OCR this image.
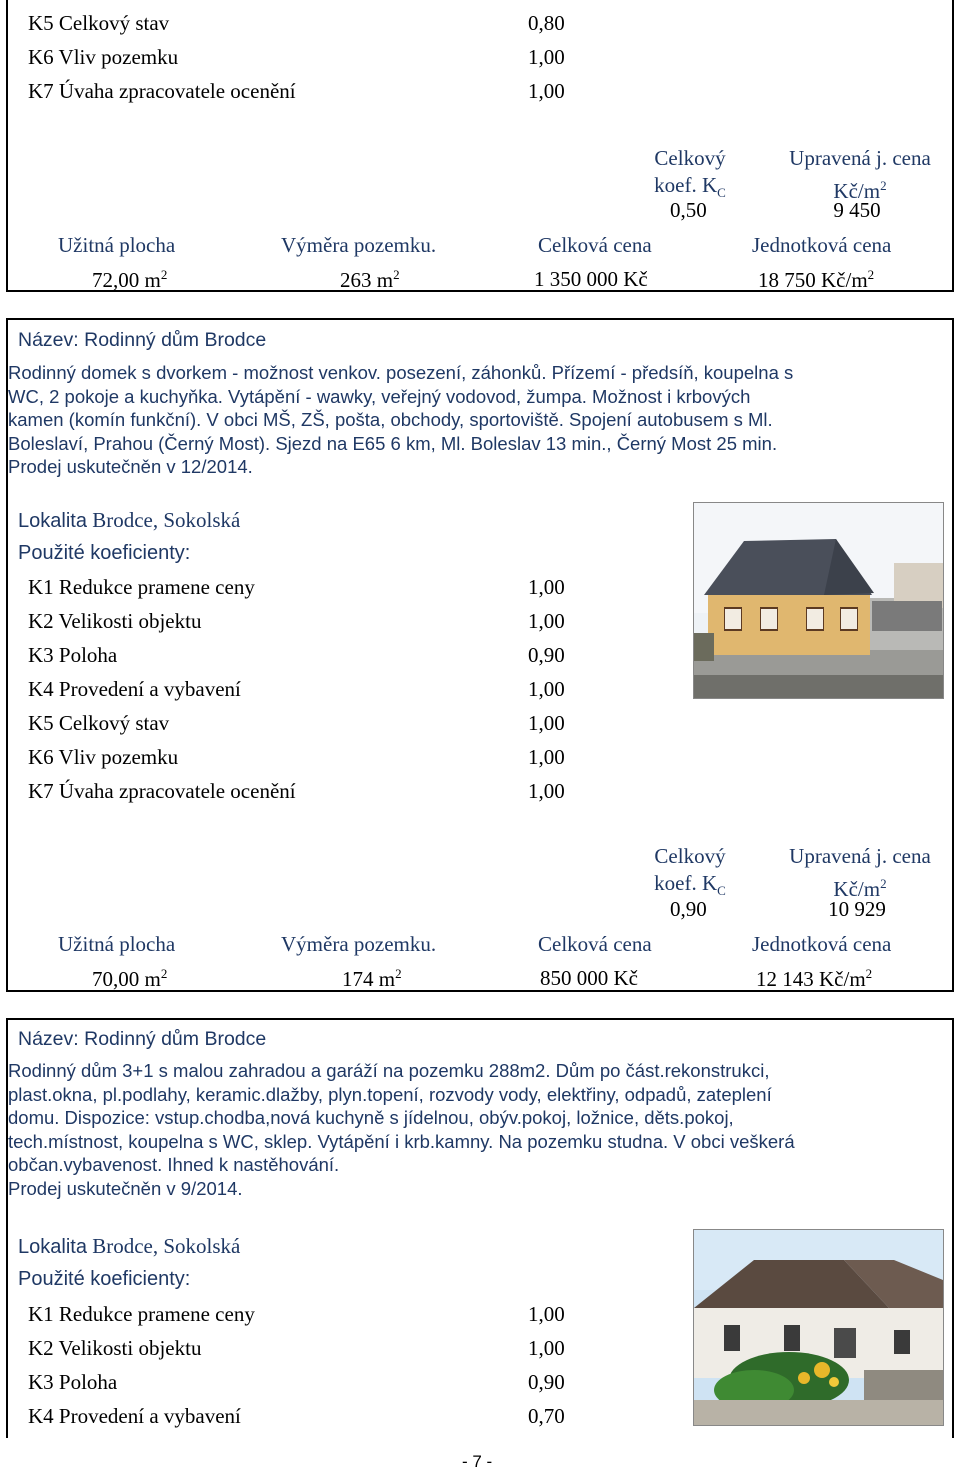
K5 Celkový stav	0,80
K6 Vliv pozemku	1,00
K7 Úvaha zpracovatele ocenění	1,00
Celkový
koef. $K_C$
0,50
Upravená j. cena
$Kč/m^2$
9 450
Užitná plocha	Výměra pozemku.	Celková cena	Jednotková cena
72,00 $m^2$	263 $m^2$	1 350 000 Kč	18 750 $Kč/m^2$
Název: Rodinný dům Brodce
Rodinný domek s dvorkem - možnost venkov. posezení, záhonků. Přízemí - předsíň, koupelna s
WC, 2 pokoje a kuchyňka. Vytápění - wawky, veřejný vodovod, žumpa. Možnost i krbových
kamen (komín funkční). V obci MŠ, ZŠ, pošta, obchody, sportoviště. Spojení autobusem s Ml.
Boleslaví, Prahou (Černý Most). Sjezd na E65 6 km, Ml. Boleslav 13 min., Černý Most 25 min.
Prodej uskutečněn v 12/2014.
Lokalita Brodce, Sokolská
Použité koeficienty:
K1 Redukce pramene ceny	1,00
K2 Velikosti objektu	1,00
K3 Poloha	0,90
K4 Provedení a vybavení	1,00
K5 Celkový stav	1,00
K6 Vliv pozemku	1,00
K7 Úvaha zpracovatele ocenění	1,00
Celkový
koef. $K_C$
0,90
Upravená j. cena
$Kč/m^2$
10 929
Užitná plocha	Výměra pozemku.	Celková cena	Jednotková cena
70,00 $m^2$	174 $m^2$	850 000 Kč	12 143 $Kč/m^2$
Název: Rodinný dům Brodce
Rodinný dům 3+1 s malou zahradou a garáží na pozemku 288m2. Dům po část.rekonstrukci,
plast.okna, pl.podlahy, keramic.dlažby, plyn.topení, rozvody vody, elektřiny, odpadů, zateplení
domu. Dispozice: vstup.chodba,nová kuchyně s jídelnou, obýv.pokoj, ložnice, děts.pokoj,
tech.místnost, koupelna s WC, sklep. Vytápění i krb.kamny. Na pozemku studna. V obci veškerá
občan.vybavenost. Ihned k nastěhování.
Prodej uskutečněn v 9/2014.
Lokalita Brodce, Sokolská
Použité koeficienty:
K1 Redukce pramene ceny	1,00
K2 Velikosti objektu	1,00
K3 Poloha	0,90
K4 Provedení a vybavení	0,70
- 7 -
